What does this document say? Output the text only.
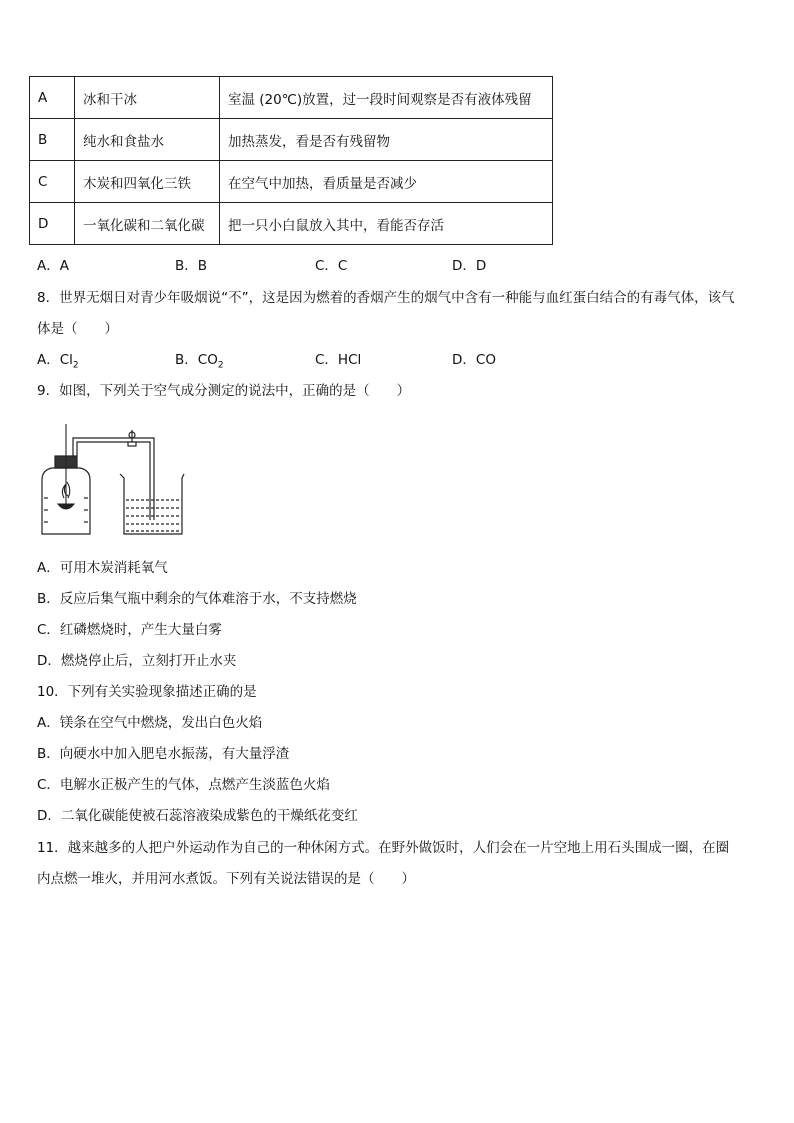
A	冰和干冰	室温 (20℃)放置，过一段时间观察是否有液体残留
B	纯水和食盐水	加热蒸发，看是否有残留物
C	木炭和四氧化三铁	在空气中加热，看质量是否减少
D	一氧化碳和二氧化碳	把一只小白鼠放入其中，看能否存活
A．A	B．B	C．C	D．D
8．世界无烟日对青少年吸烟说“不”，这是因为燃着的香烟产生的烟气中含有一种能与血红蛋白结合的有毒气体，该气
体是（　　）
A．$Cl_2$	B．$CO_2$	C．HCl	D．CO
9．如图，下列关于空气成分测定的说法中，正确的是（　　）
A．可用木炭消耗氧气
B．反应后集气瓶中剩余的气体难溶于水，不支持燃烧
C．红磷燃烧时，产生大量白雾
D．燃烧停止后，立刻打开止水夹
10．下列有关实验现象描述正确的是
A．镁条在空气中燃烧，发出白色火焰
B．向硬水中加入肥皂水振荡，有大量浮渣
C．电解水正极产生的气体，点燃产生淡蓝色火焰
D．二氧化碳能使被石蕊溶液染成紫色的干燥纸花变红
11．越来越多的人把户外运动作为自己的一种休闲方式。在野外做饭时，人们会在一片空地上用石头围成一圈，在圈
内点燃一堆火，并用河水煮饭。下列有关说法错误的是（　　）
